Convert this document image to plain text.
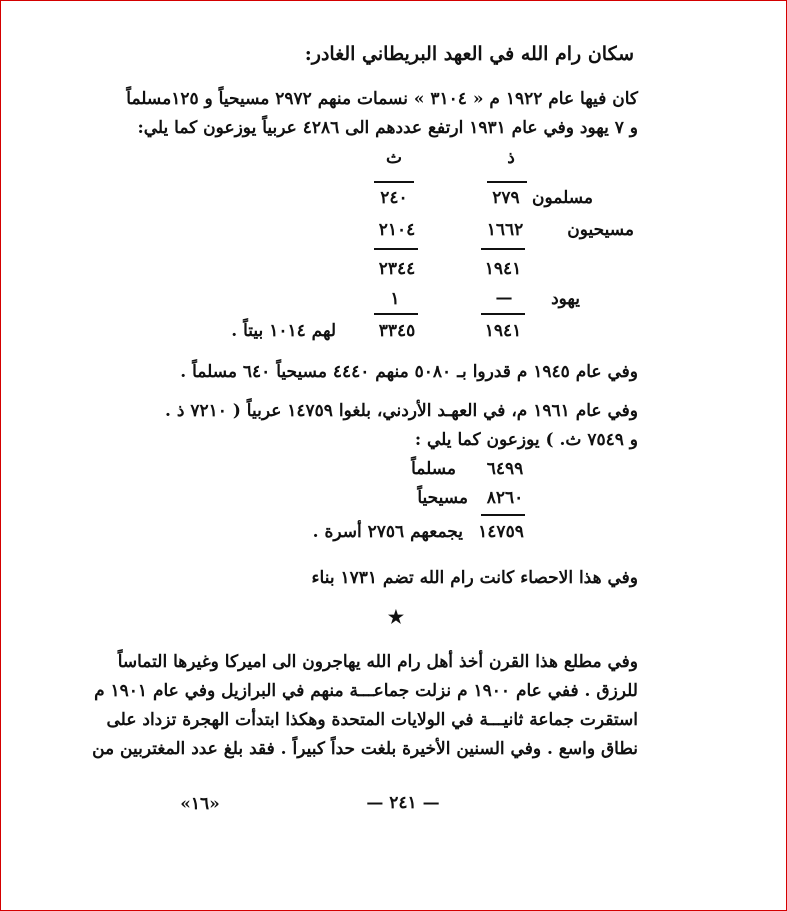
سكان رام الله في العهد البريطاني الغادر:
كان فيها عام ١٩٢٢ م « ٣١٠٤ » نسمات منهم ٢٩٧٢ مسيحياً و ١٢٥مسلماً
و ٧ يهود وفي عام ١٩٣١ ارتفع عددهم الى ٤٢٨٦ عربياً يوزعون كما يلي:
ذ
ث
مسلمون
٢٧٩
٢٤٠
مسيحيون
١٦٦٢
٢١٠٤
١٩٤١
٢٣٤٤
يهود
—
١
١٩٤١
٣٣٤٥
لهم ١٠١٤ بيتاً .
وفي عام ١٩٤٥ م قدروا بـ ٥٠٨٠ منهم ٤٤٤٠ مسيحياً ٦٤٠ مسلماً .
وفي عام ١٩٦١ م، في العهـد الأردني، بلغوا ١٤٧٥٩ عربياً ( ٧٢١٠ ذ .
و ٧٥٤٩ ث. ) يوزعون كما يلي :
مسلماً	٦٤٩٩
مسيحياً	٨٢٦٠
١٤٧٥٩
يجمعهم ٢٧٥٦ أسرة .
وفي هذا الاحصاء كانت رام الله تضم ١٧٣١ بناء
★
وفي مطلع هذا القرن أخذ أهل رام الله يهاجرون الى اميركا وغيرها التماساً
للرزق . ففي عام ١٩٠٠ م نزلت جماعـــة منهم في البرازيل وفي عام ١٩٠١ م
استقرت جماعة ثانيـــة في الولايات المتحدة وهكذا ابتدأت الهجرة تزداد على
نطاق واسع . وفي السنين الأخيرة بلغت حداً كبيراً . فقد بلغ عدد المغتربين من
— ٢٤١ —
«١٦»
